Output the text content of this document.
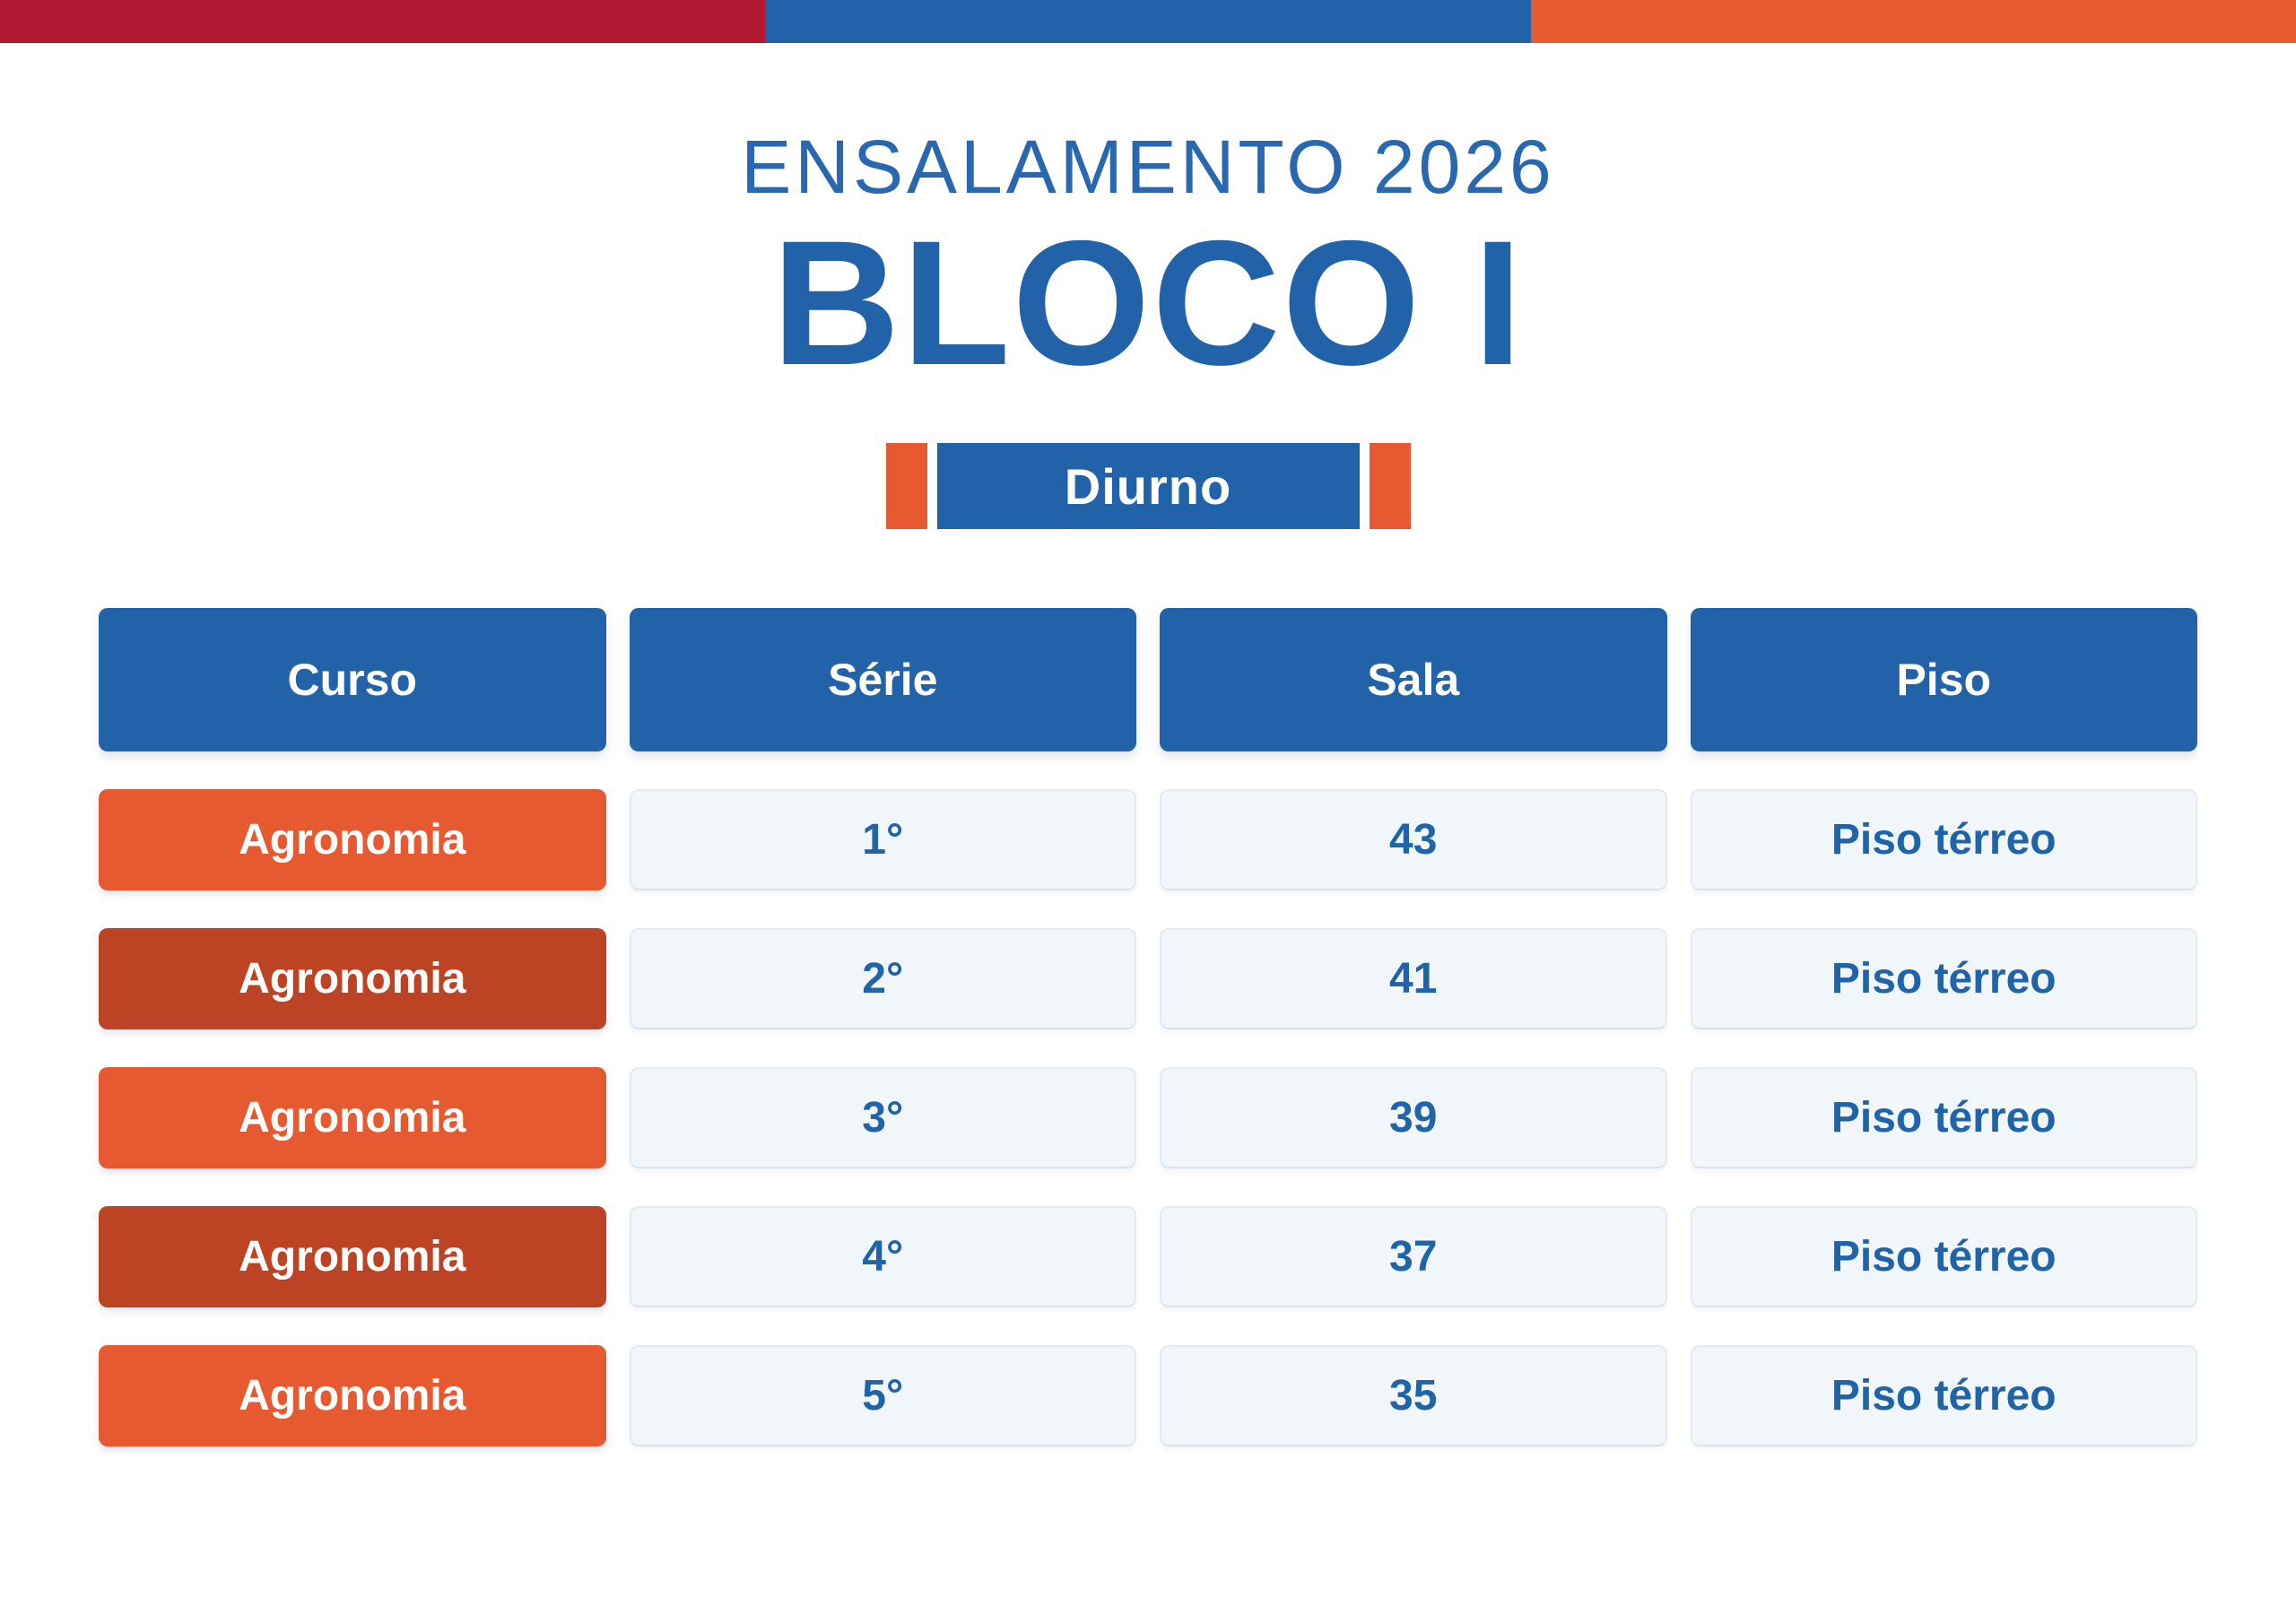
ENSALAMENTO 2026
BLOCO I
Diurno
Curso	Série	Sala	Piso
Agronomia	1°	43	Piso térreo
Agronomia	2°	41	Piso térreo
Agronomia	3°	39	Piso térreo
Agronomia	4°	37	Piso térreo
Agronomia	5°	35	Piso térreo
